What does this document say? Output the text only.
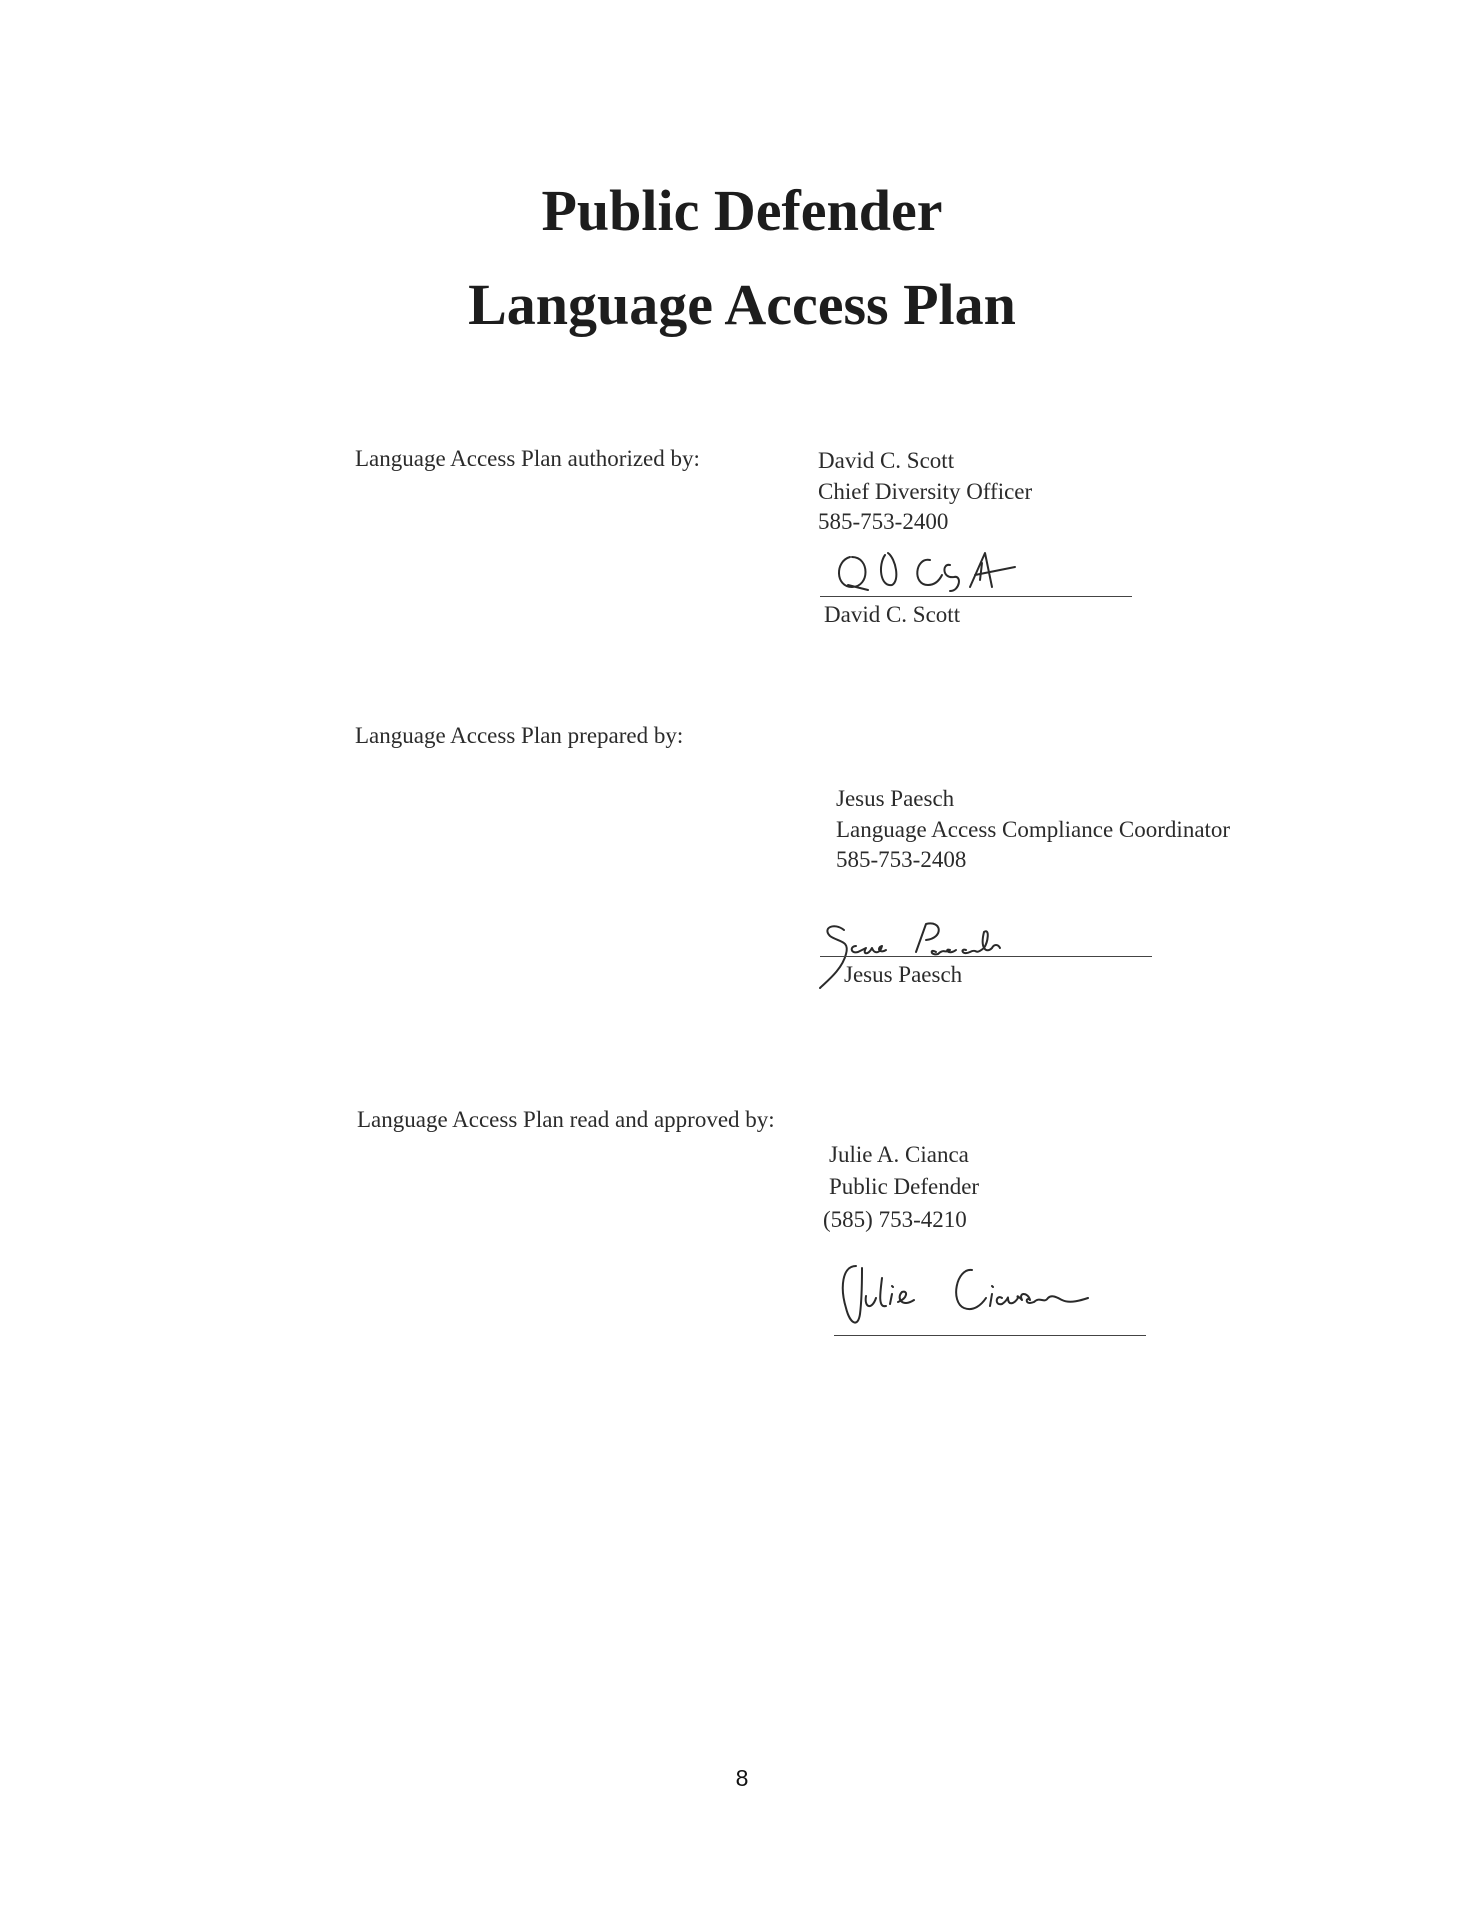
Public Defender
Language Access Plan
Language Access Plan authorized by:	David C. Scott
Chief Diversity Officer
585-753-2400
David C. Scott
Language Access Plan prepared by:
Jesus Paesch
Language Access Compliance Coordinator
585-753-2408
Jesus Paesch
Language Access Plan read and approved by:
Julie A. Cianca
Public Defender
(585) 753-4210
8
